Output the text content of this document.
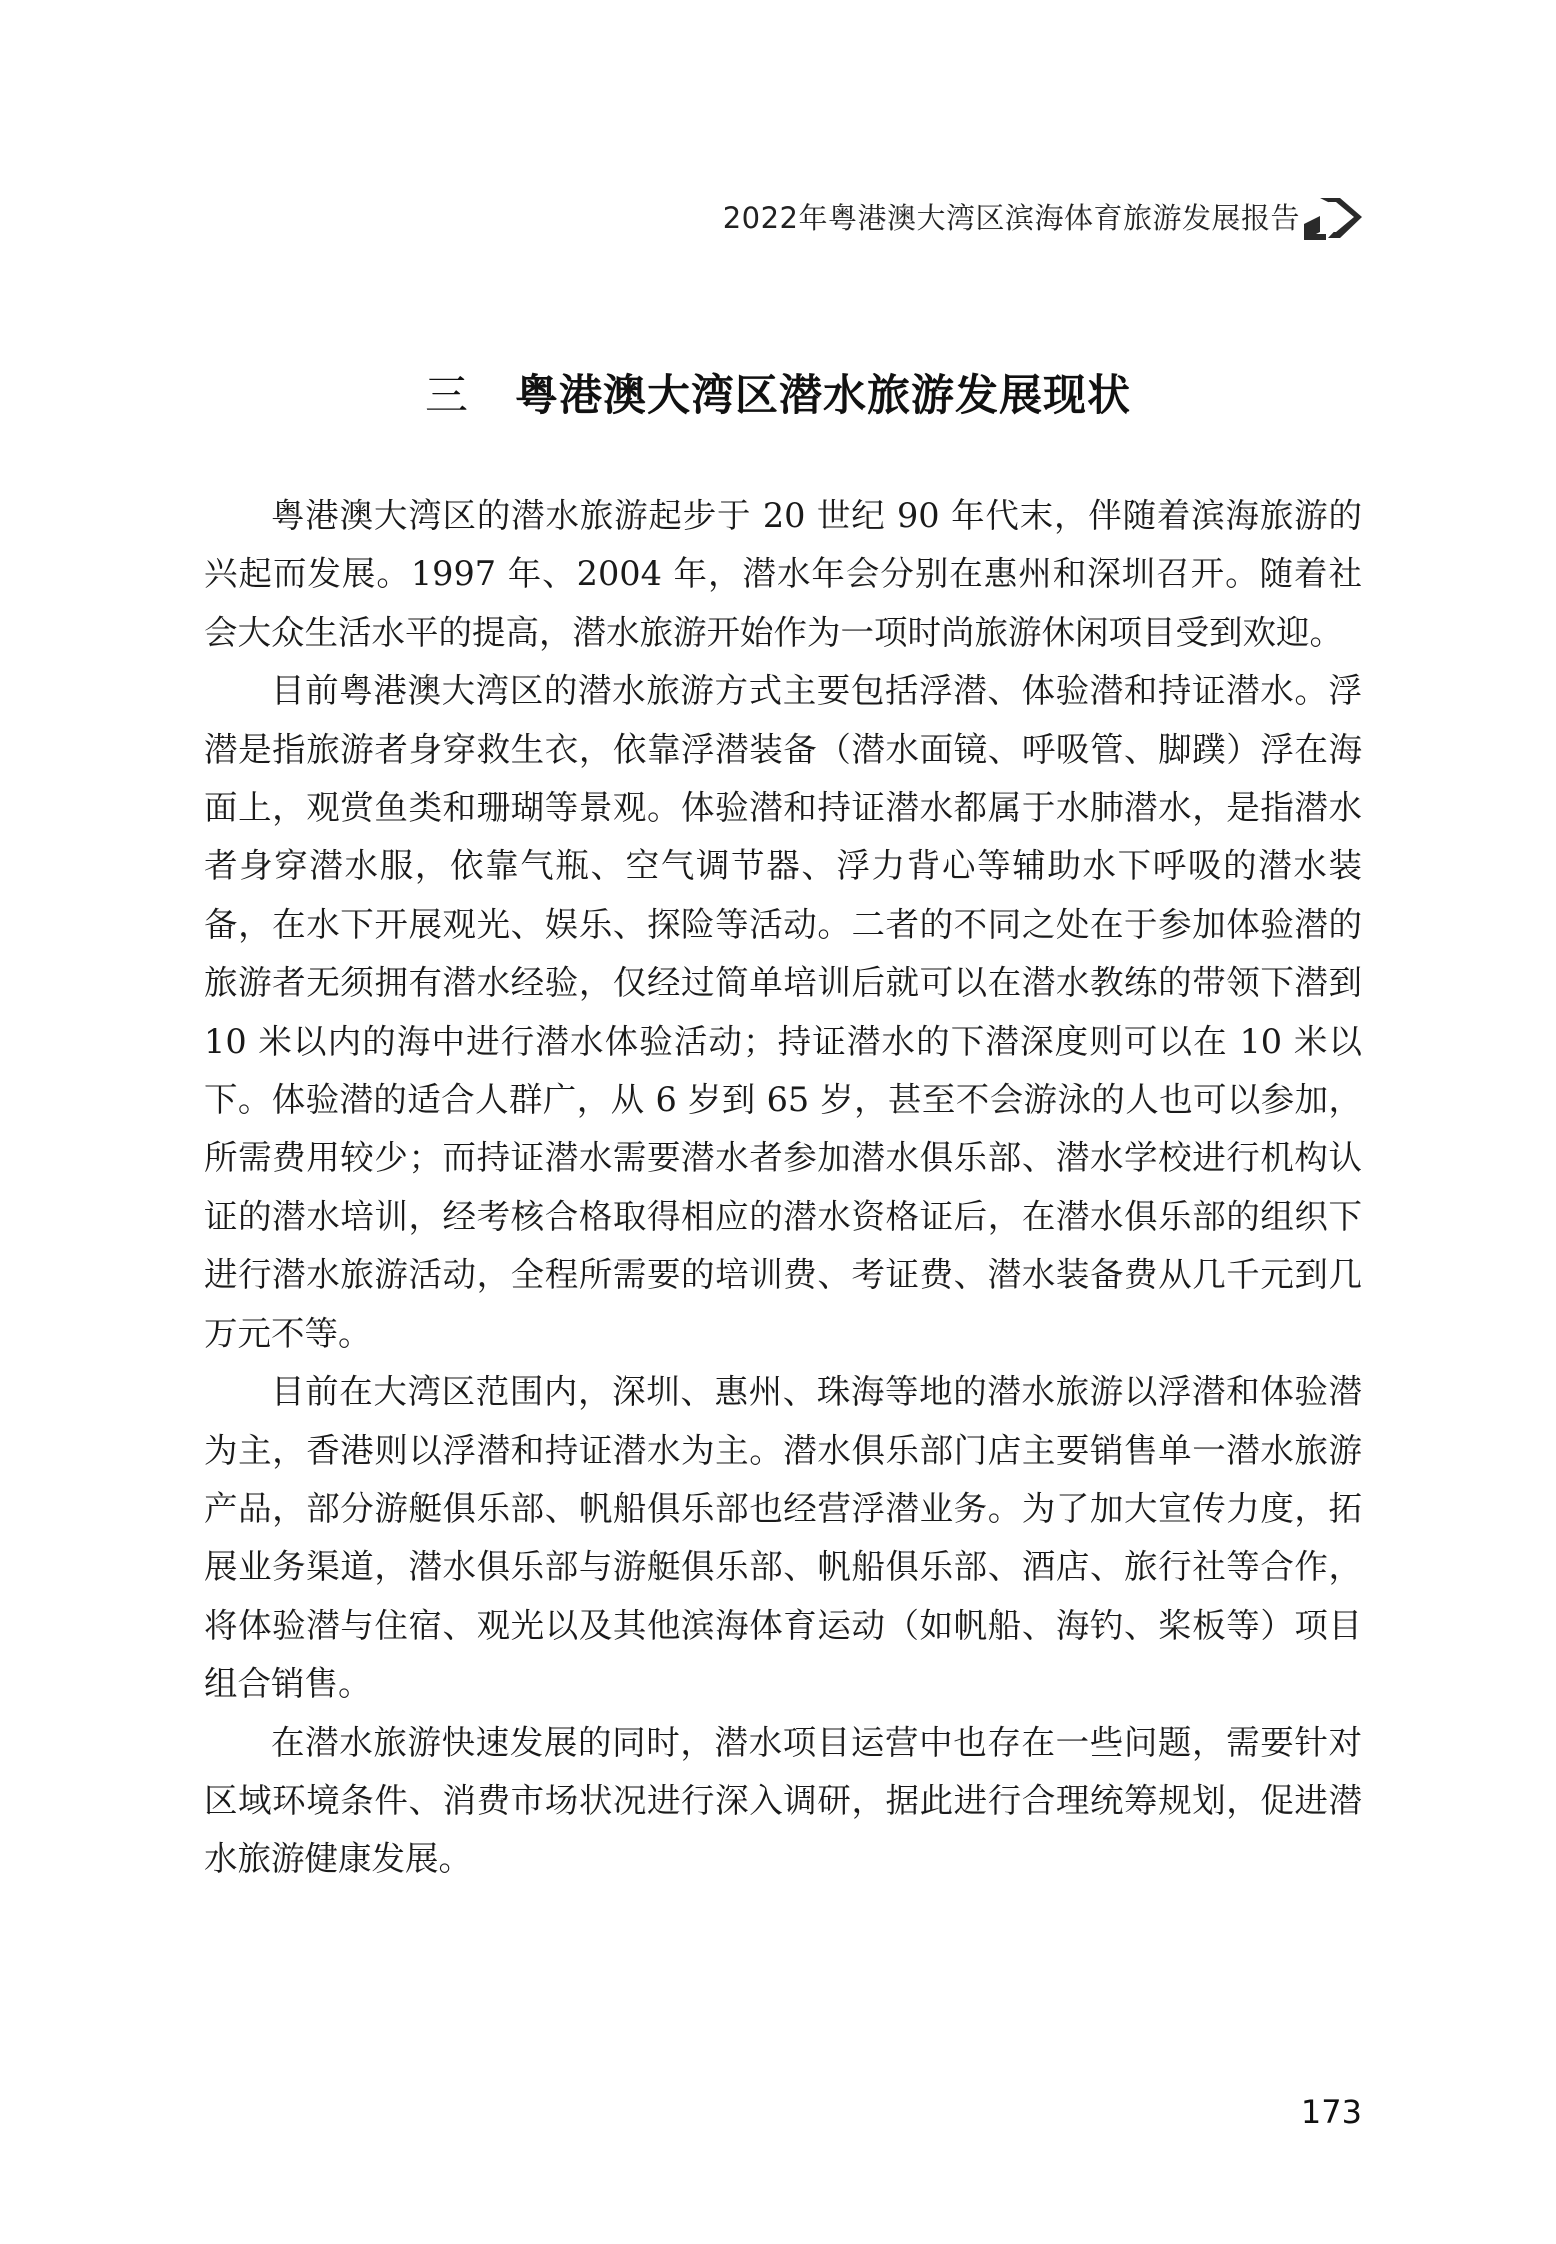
2022年粤港澳大湾区滨海体育旅游发展报告
三 粤港澳大湾区潜水旅游发展现状

粤港澳大湾区的潜水旅游起步于 20 世纪 90 年代末，伴随着滨海旅游的兴起而发展。1997 年、2004 年，潜水年会分别在惠州和深圳召开。随着社会大众生活水平的提高，潜水旅游开始作为一项时尚旅游休闲项目受到欢迎。

目前粤港澳大湾区的潜水旅游方式主要包括浮潜、体验潜和持证潜水。浮潜是指旅游者身穿救生衣，依靠浮潜装备（潜水面镜、呼吸管、脚蹼）浮在海面上，观赏鱼类和珊瑚等景观。体验潜和持证潜水都属于水肺潜水，是指潜水者身穿潜水服，依靠气瓶、空气调节器、浮力背心等辅助水下呼吸的潜水装备，在水下开展观光、娱乐、探险等活动。二者的不同之处在于参加体验潜的旅游者无须拥有潜水经验，仅经过简单培训后就可以在潜水教练的带领下潜到 10 米以内的海中进行潜水体验活动；持证潜水的下潜深度则可以在 10 米以下。体验潜的适合人群广，从 6 岁到 65 岁，甚至不会游泳的人也可以参加，所需费用较少；而持证潜水需要潜水者参加潜水俱乐部、潜水学校进行机构认证的潜水培训，经考核合格取得相应的潜水资格证后，在潜水俱乐部的组织下进行潜水旅游活动，全程所需要的培训费、考证费、潜水装备费从几千元到几万元不等。

目前在大湾区范围内，深圳、惠州、珠海等地的潜水旅游以浮潜和体验潜为主，香港则以浮潜和持证潜水为主。潜水俱乐部门店主要销售单一潜水旅游产品，部分游艇俱乐部、帆船俱乐部也经营浮潜业务。为了加大宣传力度，拓展业务渠道，潜水俱乐部与游艇俱乐部、帆船俱乐部、酒店、旅行社等合作，将体验潜与住宿、观光以及其他滨海体育运动（如帆船、海钓、桨板等）项目组合销售。

在潜水旅游快速发展的同时，潜水项目运营中也存在一些问题，需要针对区域环境条件、消费市场状况进行深入调研，据此进行合理统筹规划，促进潜水旅游健康发展。

173
